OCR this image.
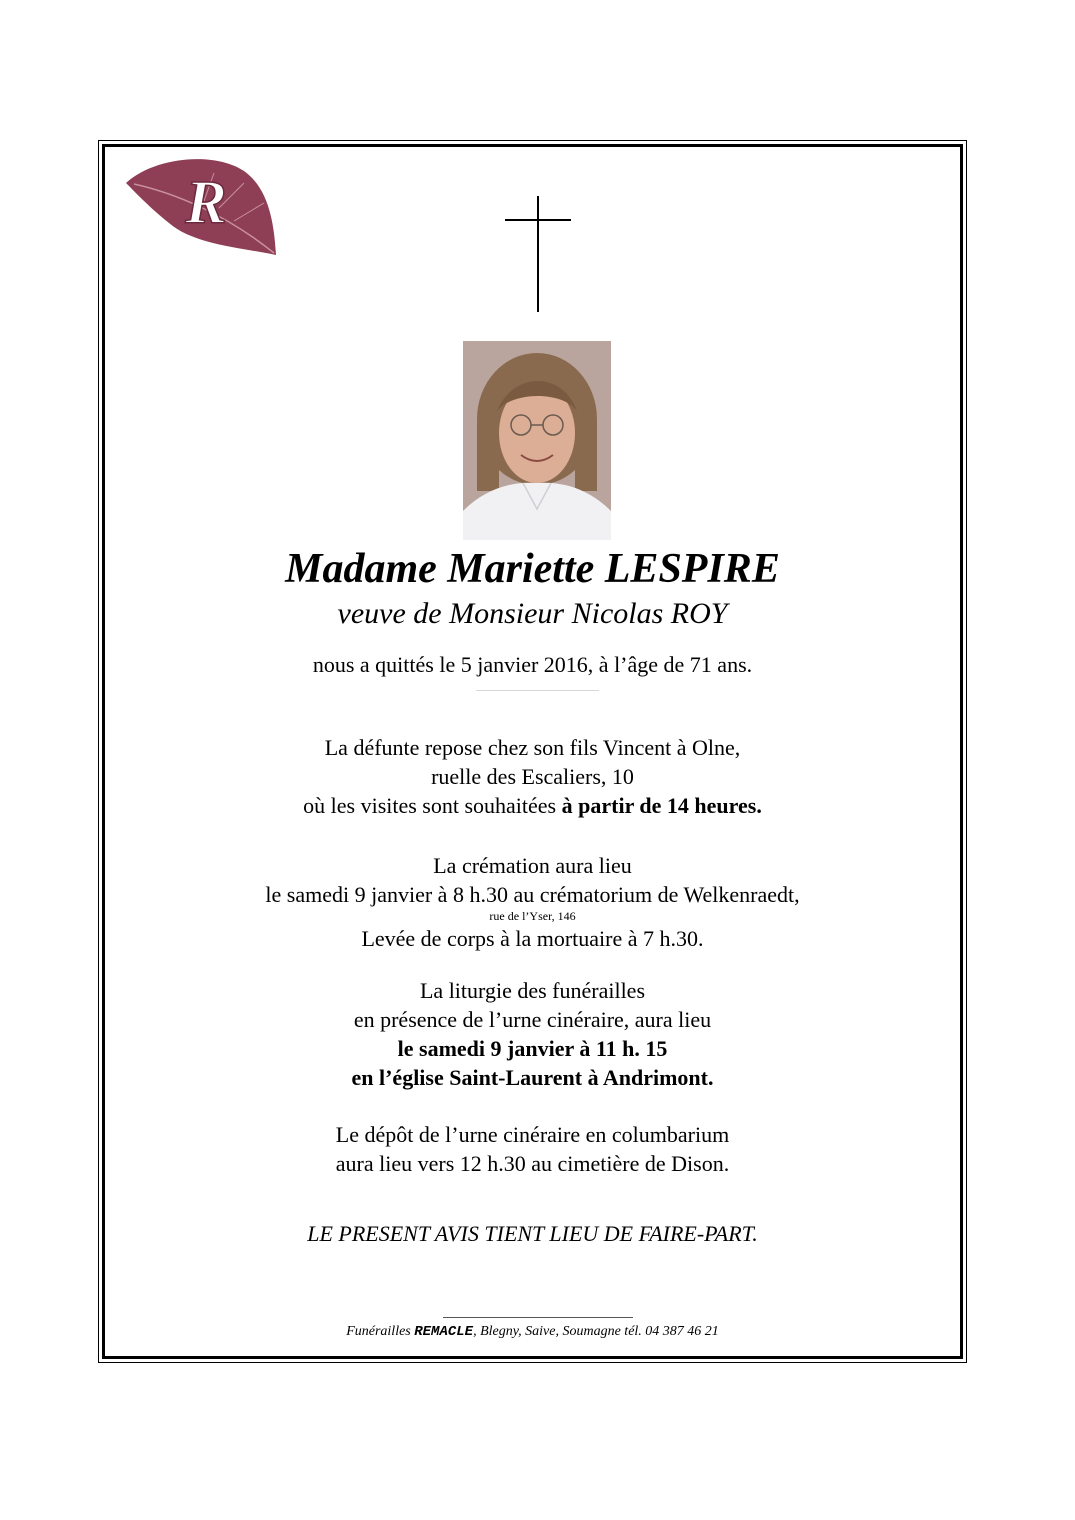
R
Madame Mariette LESPIRE
veuve de Monsieur Nicolas ROY
nous a quittés le 5 janvier 2016, à l’âge de 71 ans.
La défunte repose chez son fils Vincent à Olne,
ruelle des Escaliers, 10
où les visites sont souhaitées à partir de 14 heures.
La crémation aura lieu
le samedi 9 janvier à 8 h.30 au crématorium de Welkenraedt,
rue de l’Yser, 146
Levée de corps à la mortuaire à 7 h.30.
La liturgie des funérailles
en présence de l’urne cinéraire, aura lieu
le samedi 9 janvier à 11 h. 15
en l’église Saint-Laurent à Andrimont.
Le dépôt de l’urne cinéraire en columbarium
aura lieu vers 12 h.30 au cimetière de Dison.
LE PRESENT AVIS TIENT LIEU DE FAIRE-PART.
Funérailles REMACLE, Blegny, Saive, Soumagne tél. 04 387 46 21
